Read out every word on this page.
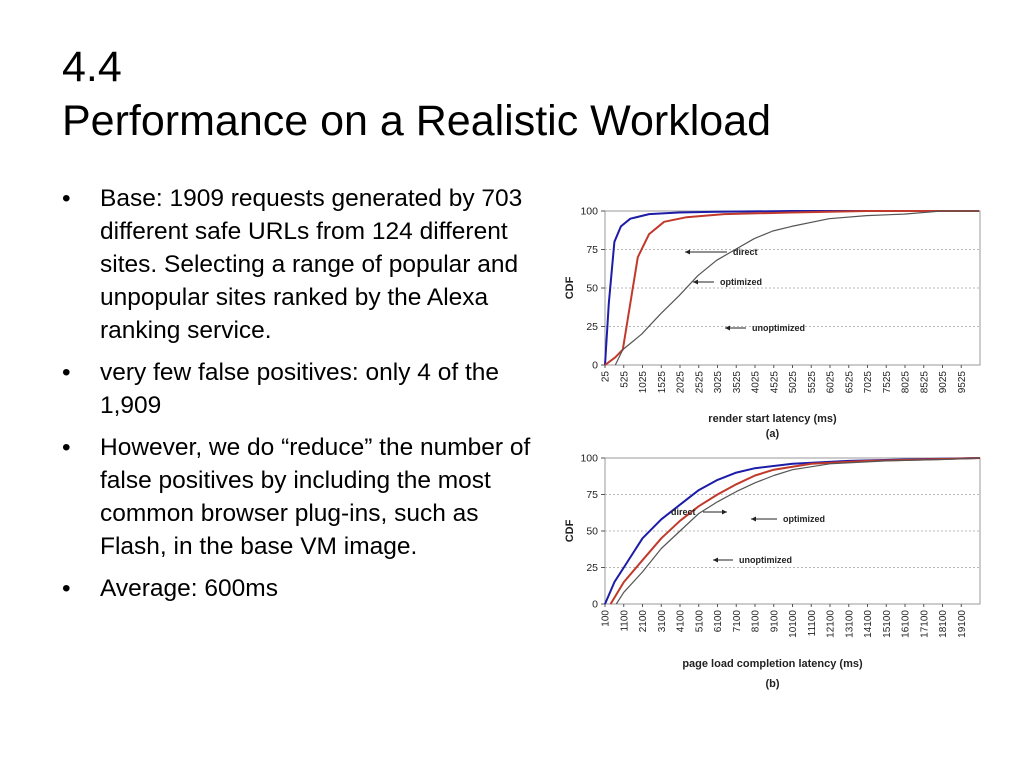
4.4
Performance on a Realistic Workload
• Base: 1909 requests generated by 703 different safe URLs from 124 different sites. Selecting a range of popular and unpopular sites ranked by the Alexa ranking service.
• very few false positives: only 4 of the 1,909
• However, we do “reduce” the number of false positives by including the most common browser plug-ins, such as Flash, in the base VM image.
• Average: 600ms
0
25
50
75
100
CDF
25 525 1025 1525 2025 2525 3025 3525 4025 4525 5025 5525 6025 6525 7025 7525 8025 8525 9025 9525
render start latency (ms)
(a)
direct
optimized
unoptimized
0
25
50
75
100
CDF
100 1100 2100 3100 4100 5100 6100 7100 8100 9100 10100 11100 12100 13100 14100 15100 16100 17100 18100 19100
page load completion latency (ms)
(b)
direct
optimized
unoptimized
